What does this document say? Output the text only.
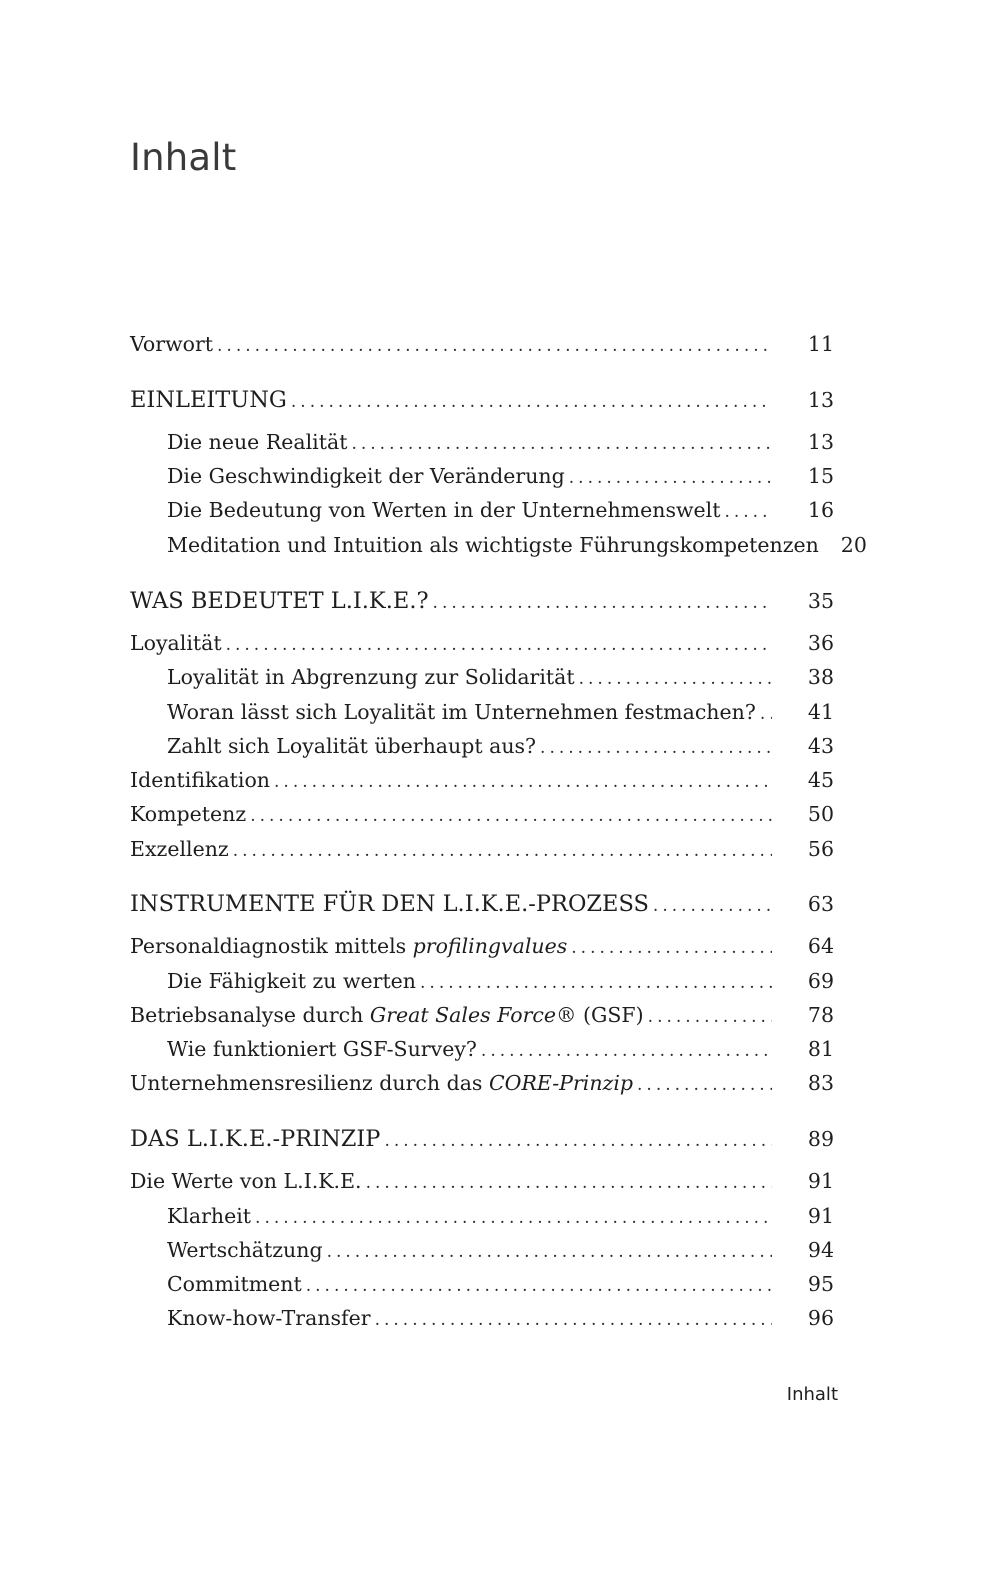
Inhalt
Vorwort . . .	11
EINLEITUNG . . .	13
Die neue Realität . . .	13
Die Geschwindigkeit der Veränderung . . .	15
Die Bedeutung von Werten in der Unternehmenswelt . . .	16
Meditation und Intuition als wichtigste Führungskompetenzen	20
WAS BEDEUTET L.I.K.E.? . . .	35
Loyalität . . .	36
Loyalität in Abgrenzung zur Solidarität . . .	38
Woran lässt sich Loyalität im Unternehmen festmachen? . . .	41
Zahlt sich Loyalität überhaupt aus? . . .	43
Identifikation . . .	45
Kompetenz . . .	50
Exzellenz . . .	56
INSTRUMENTE FÜR DEN L.I.K.E.-PROZESS . . .	63
Personaldiagnostik mittels profilingvalues . . .	64
Die Fähigkeit zu werten . . .	69
Betriebsanalyse durch Great Sales Force® (GSF) . . .	78
Wie funktioniert GSF-Survey? . . .	81
Unternehmensresilienz durch das CORE-Prinzip . . .	83
DAS L.I.K.E.-PRINZIP . . .	89
Die Werte von L.I.K.E. . . .	91
Klarheit . . .	91
Wertschätzung . . .	94
Commitment . . .	95
Know-how-Transfer . . .	96
Inhalt
